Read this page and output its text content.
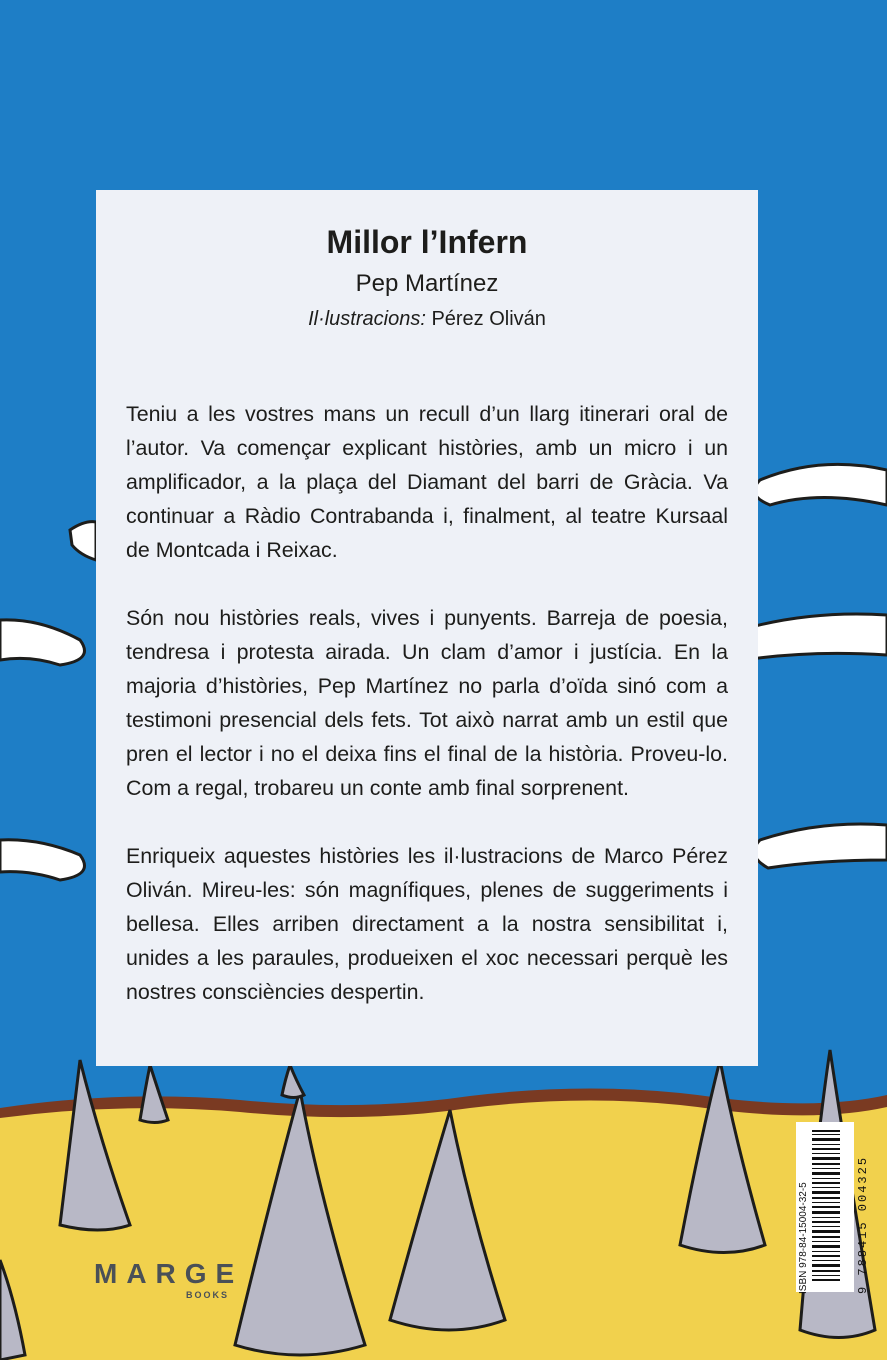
Millor l’Infern
Pep Martínez
Il·lustracions: Pérez Oliván

Teniu a les vostres mans un recull d’un llarg itinerari oral de l’autor. Va començar explicant històries, amb un micro i un amplificador, a la plaça del Diamant del barri de Gràcia. Va continuar a Ràdio Contrabanda i, finalment, al teatre Kursaal de Montcada i Reixac.

Són nou històries reals, vives i punyents. Barreja de poesia, tendresa i protesta airada. Un clam d’amor i justícia. En la majoria d’històries, Pep Martínez no parla d’oïda sinó com a testimoni presencial dels fets. Tot això narrat amb un estil que pren el lector i no el deixa fins el final de la història. Proveu-lo. Com a regal, trobareu un conte amb final sorprenent.

Enriqueix aquestes històries les il·lustracions de Marco Pérez Oliván. Mireu-les: són magnífiques, plenes de suggeriments i bellesa. Elles arriben directament a la nostra sensibilitat i, unides a les paraules, produeixen el xoc necessari perquè les nostres consciències despertin.

MARGE
BOOKS
ISBN 978-84-15004-32-5	9 788415 004325
